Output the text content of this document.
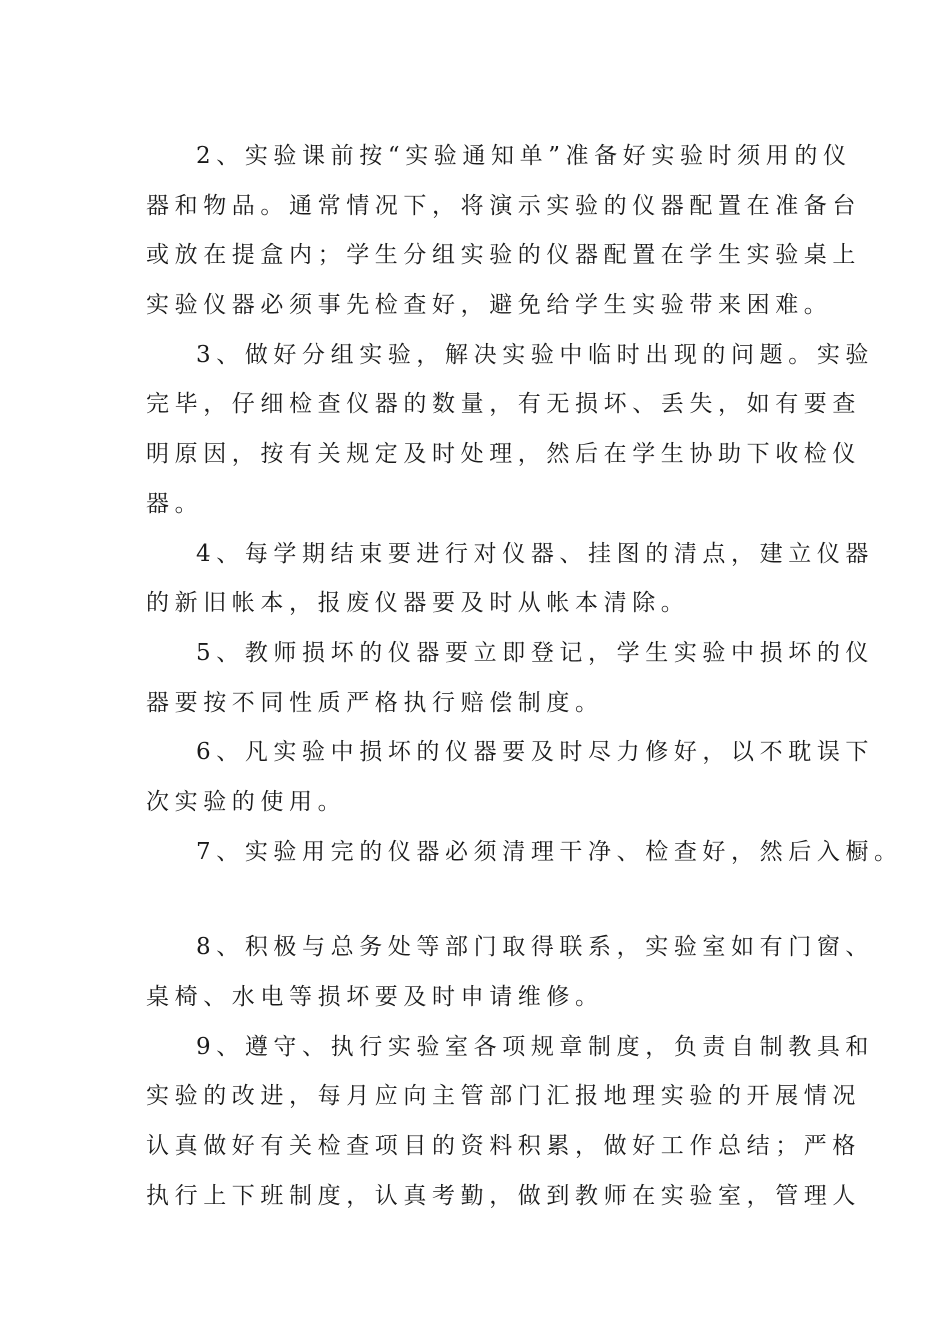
2、实验课前按“实验通知单”准备好实验时须用的仪
器和物品。通常情况下，将演示实验的仪器配置在准备台
或放在提盒内；学生分组实验的仪器配置在学生实验桌上
实验仪器必须事先检查好，避免给学生实验带来困难。
3、做好分组实验，解决实验中临时出现的问题。实验
完毕，仔细检查仪器的数量，有无损坏、丢失，如有要查
明原因，按有关规定及时处理，然后在学生协助下收检仪
器。
4、每学期结束要进行对仪器、挂图的清点，建立仪器
的新旧帐本，报废仪器要及时从帐本清除。
5、教师损坏的仪器要立即登记，学生实验中损坏的仪
器要按不同性质严格执行赔偿制度。
6、凡实验中损坏的仪器要及时尽力修好，以不耽误下
次实验的使用。
7、实验用完的仪器必须清理干净、检查好，然后入橱。
8、积极与总务处等部门取得联系，实验室如有门窗、
桌椅、水电等损坏要及时申请维修。
9、遵守、执行实验室各项规章制度，负责自制教具和
实验的改进，每月应向主管部门汇报地理实验的开展情况
认真做好有关检查项目的资料积累，做好工作总结；严格
执行上下班制度，认真考勤，做到教师在实验室，管理人
